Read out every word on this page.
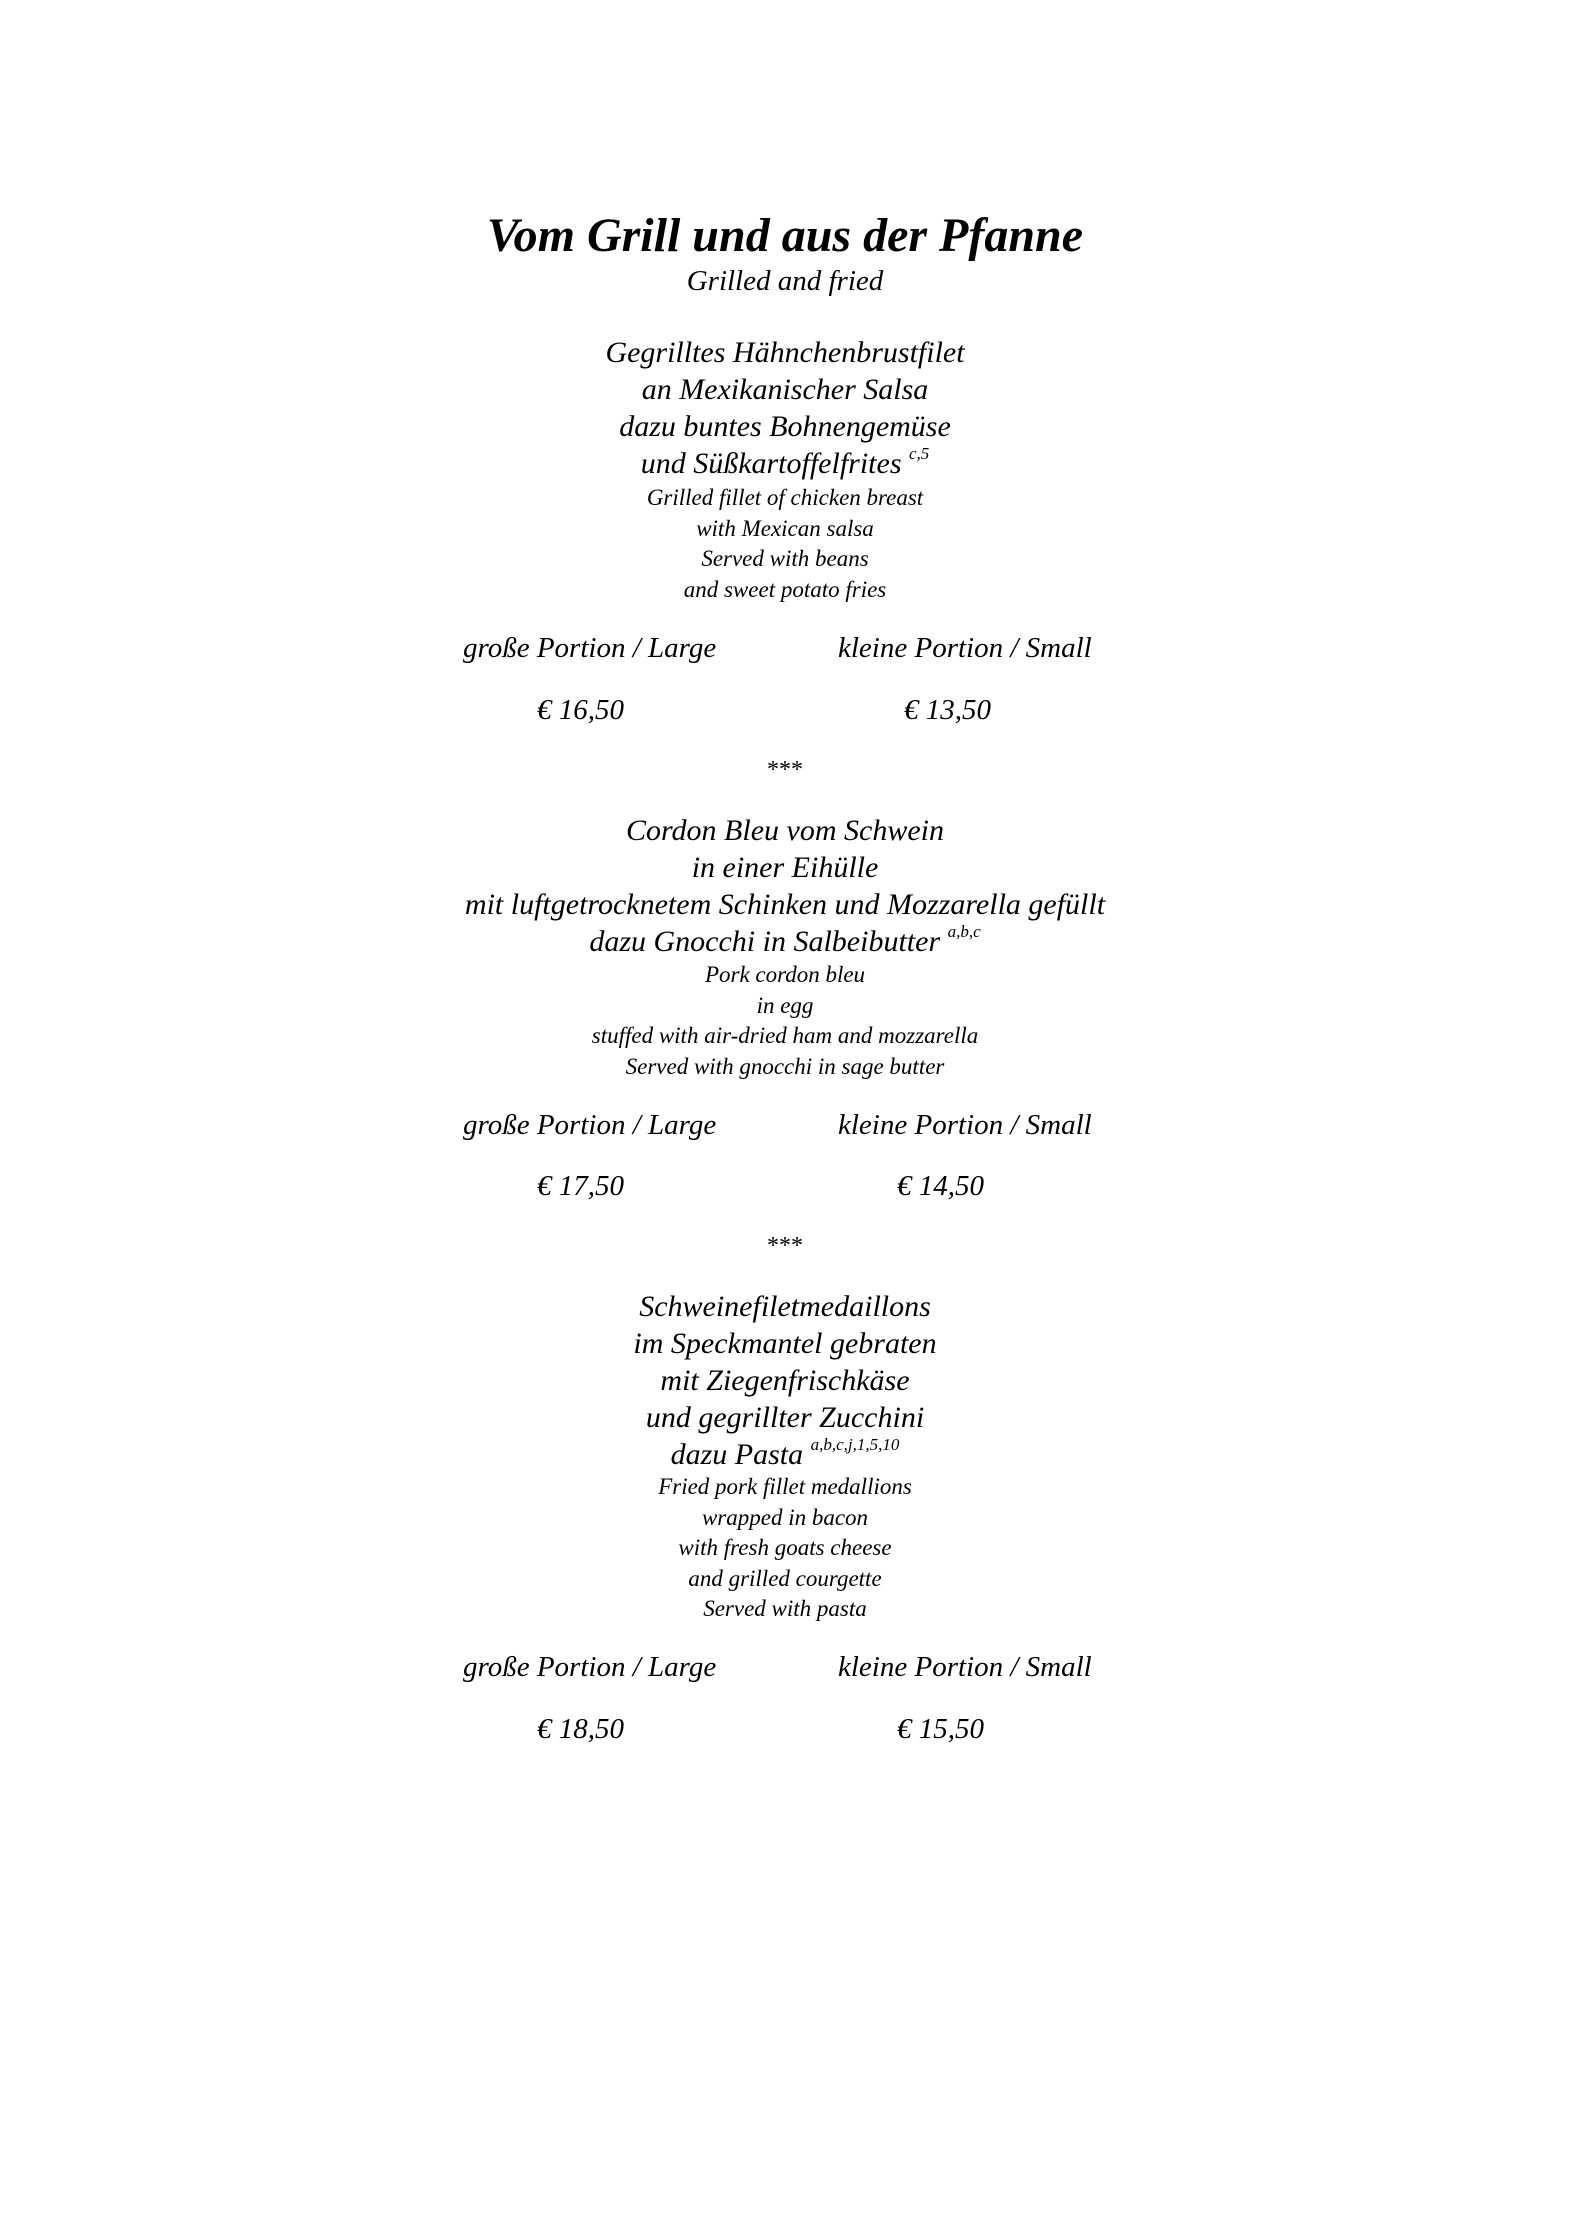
Vom Grill und aus der Pfanne
Grilled and fried
Gegrilltes Hähnchenbrustfilet
an Mexikanischer Salsa
dazu buntes Bohnengemüse
und Süßkartoffelfrites $^{c,5}$
Grilled fillet of chicken breast
with Mexican salsa
Served with beans
and sweet potato fries
große Portion / Large	kleine Portion / Small
€ 16,50	€ 13,50
***
Cordon Bleu vom Schwein
in einer Eihülle
mit luftgetrocknetem Schinken und Mozzarella gefüllt
dazu Gnocchi in Salbeibutter $^{a,b,c}$
Pork cordon bleu
in egg
stuffed with air-dried ham and mozzarella
Served with gnocchi in sage butter
große Portion / Large	kleine Portion / Small
€ 17,50	€ 14,50
***
Schweinefiletmedaillons
im Speckmantel gebraten
mit Ziegenfrischkäse
und gegrillter Zucchini
dazu Pasta $^{a,b,c,j,1,5,10}$
Fried pork fillet medallions
wrapped in bacon
with fresh goats cheese
and grilled courgette
Served with pasta
große Portion / Large	kleine Portion / Small
€ 18,50	€ 15,50
